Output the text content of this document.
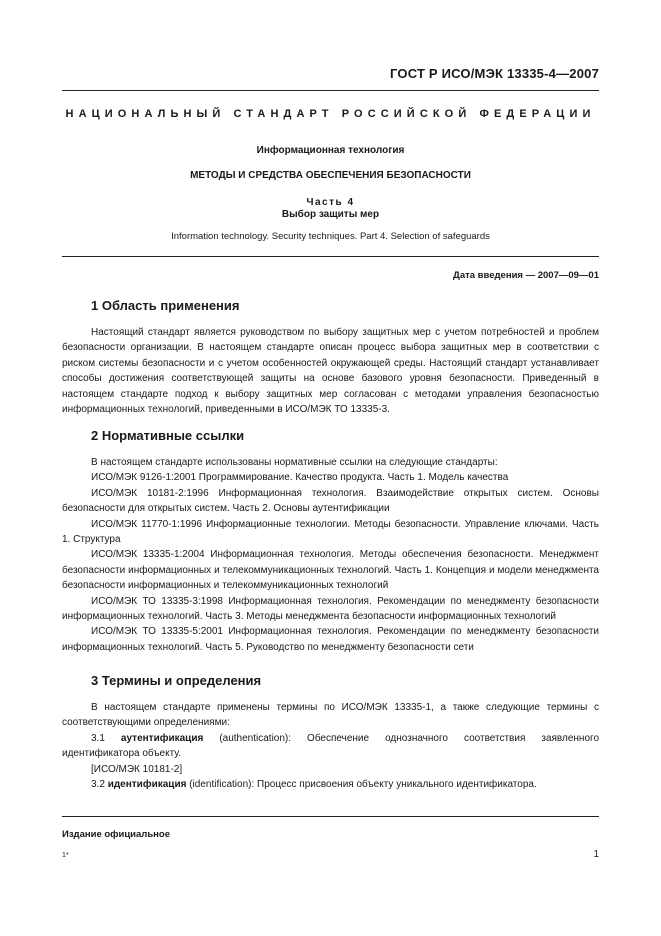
ГОСТ Р ИСО/МЭК 13335-4—2007
НАЦИОНАЛЬНЫЙ СТАНДАРТ РОССИЙСКОЙ ФЕДЕРАЦИИ
Информационная технология
МЕТОДЫ И СРЕДСТВА ОБЕСПЕЧЕНИЯ БЕЗОПАСНОСТИ
Часть 4
Выбор защиты мер
Information technology. Security techniques. Part 4. Selection of safeguards
Дата введения — 2007—09—01
1 Область применения

Настоящий стандарт является руководством по выбору защитных мер с учетом потребностей и проблем безопасности организации. В настоящем стандарте описан процесс выбора защитных мер в соответствии с риском системы безопасности и с учетом особенностей окружающей среды. Настоящий стандарт устанавливает способы достижения соответствующей защиты на основе базового уровня безопасности. Приведенный в настоящем стандарте подход к выбору защитных мер согласован с методами управления безопасностью информационных технологий, приведенными в ИСО/МЭК ТО 13335-3.

2 Нормативные ссылки

В настоящем стандарте использованы нормативные ссылки на следующие стандарты:

ИСО/МЭК 9126-1:2001 Программирование. Качество продукта. Часть 1. Модель качества

ИСО/МЭК 10181-2:1996 Информационная технология. Взаимодействие открытых систем. Основы безопасности для открытых систем. Часть 2. Основы аутентификации

ИСО/МЭК 11770-1:1996 Информационные технологии. Методы безопасности. Управление ключами. Часть 1. Структура

ИСО/МЭК 13335-1:2004 Информационная технология. Методы обеспечения безопасности. Менеджмент безопасности информационных и телекоммуникационных технологий. Часть 1. Концепция и модели менеджмента безопасности информационных и телекоммуникационных технологий

ИСО/МЭК ТО 13335-3:1998 Информационная технология. Рекомендации по менеджменту безопасности информационных технологий. Часть 3. Методы менеджмента безопасности информационных технологий

ИСО/МЭК ТО 13335-5:2001 Информационная технология. Рекомендации по менеджменту безопасности информационных технологий. Часть 5. Руководство по менеджменту безопасности сети

3 Термины и определения

В настоящем стандарте применены термины по ИСО/МЭК 13335-1, а также следующие термины с соответствующими определениями:

3.1 аутентификация (authentication): Обеспечение однозначного соответствия заявленного идентификатора объекту.

[ИСО/МЭК 10181-2]

3.2 идентификация (identification): Процесс присвоения объекту уникального идентификатора.

Издание официальное
1*	1
